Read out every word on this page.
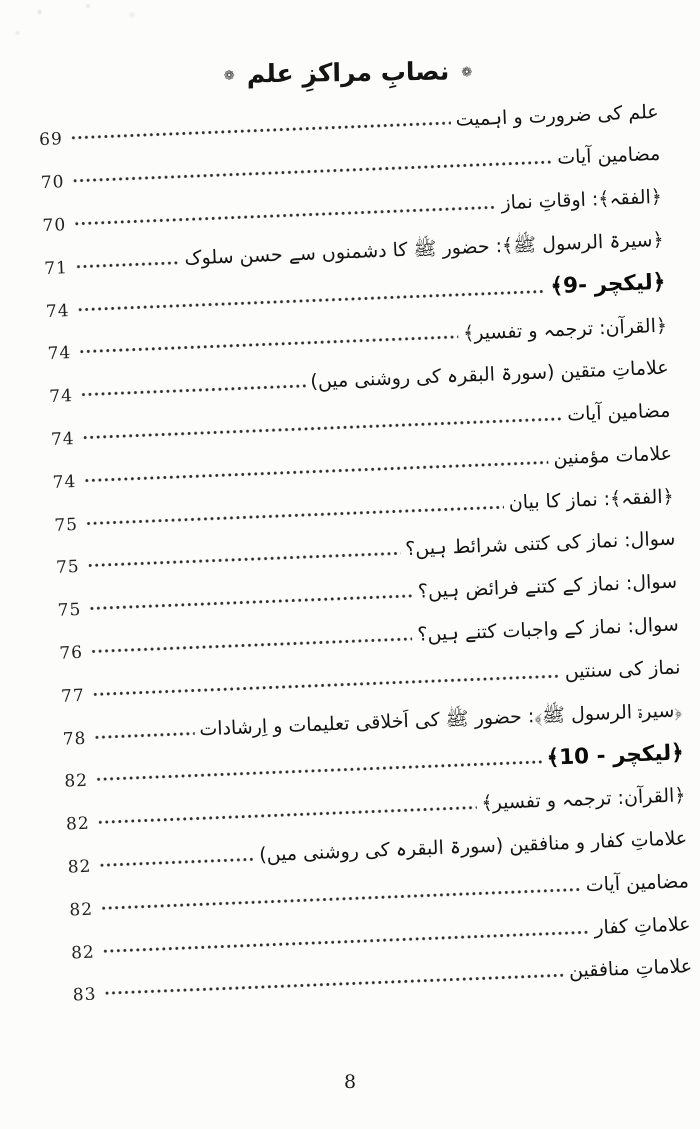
❁ نصابِ مراکزِ علم ❁
69
علم کی ضرورت و اہمیت
70
مضامین آیات
70
﴿الفقہ﴾: اوقاتِ نماز
71	﴿سیرۃ الرسول ﷺ﴾: حضور ﷺ کا دشمنوں سے حسن سلوک
74
﴿لیکچر -9﴾
74
﴿القرآن: ترجمہ و تفسیر﴾
74
علاماتِ متقین (سورۃ البقرہ کی روشنی میں)
74
مضامین آیات
74
علامات مؤمنین
75
﴿الفقہ﴾: نماز کا بیان
75
سوال: نماز کی کتنی شرائط ہیں؟
75
سوال: نماز کے کتنے فرائض ہیں؟
76
سوال: نماز کے واجبات کتنے ہیں؟
77
نماز کی سنتیں
78	﴿سیرۃ الرسول ﷺ﴾: حضور ﷺ کی اَخلاقی تعلیمات و اِرشادات
82
﴿لیکچر - 10﴾
82
﴿القرآن: ترجمہ و تفسیر﴾
82
علاماتِ کفار و منافقین (سورۃ البقرہ کی روشنی میں)
82
مضامین آیات
82
علاماتِ کفار
83
علاماتِ منافقین
8
